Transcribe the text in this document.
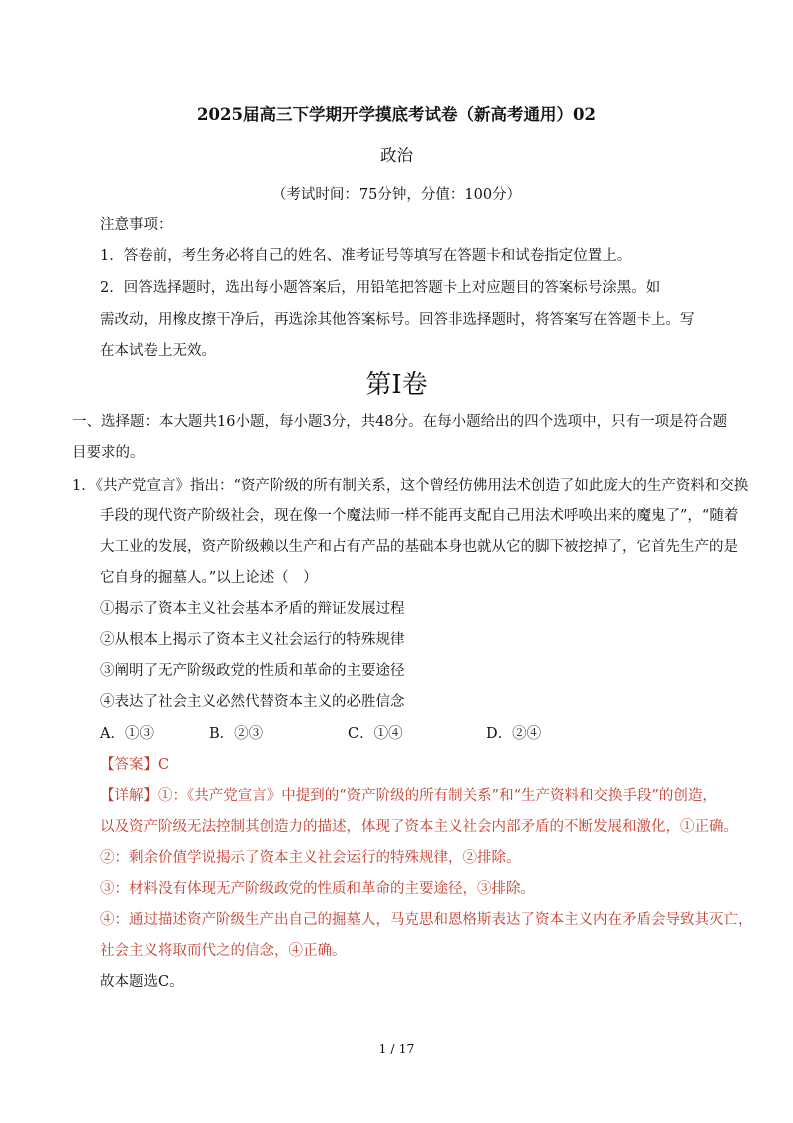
2025届高三下学期开学摸底考试卷（新高考通用）02
政治
（考试时间：75分钟，分值：100分）
注意事项：
1．答卷前，考生务必将自己的姓名、准考证号等填写在答题卡和试卷指定位置上。
2．回答选择题时，选出每小题答案后，用铅笔把答题卡上对应题目的答案标号涂黑。如
需改动，用橡皮擦干净后，再选涂其他答案标号。回答非选择题时，将答案写在答题卡上。写
在本试卷上无效。
第Ⅰ卷
一、选择题：本大题共16小题，每小题3分，共48分。在每小题给出的四个选项中，只有一项是符合题
目要求的。
1．《共产党宣言》指出：“资产阶级的所有制关系，这个曾经仿佛用法术创造了如此庞大的生产资料和交换
手段的现代资产阶级社会，现在像一个魔法师一样不能再支配自己用法术呼唤出来的魔鬼了”，“随着
大工业的发展，资产阶级赖以生产和占有产品的基础本身也就从它的脚下被挖掉了，它首先生产的是
它自身的掘墓人。”以上论述（　）
①揭示了资本主义社会基本矛盾的辩证发展过程
②从根本上揭示了资本主义社会运行的特殊规律
③阐明了无产阶级政党的性质和革命的主要途径
④表达了社会主义必然代替资本主义的必胜信念
A．①③	B．②③	C．①④	D．②④
【答案】C
【详解】①：《共产党宣言》中提到的“资产阶级的所有制关系”和“生产资料和交换手段”的创造，
以及资产阶级无法控制其创造力的描述，体现了资本主义社会内部矛盾的不断发展和激化，①正确。
②：剩余价值学说揭示了资本主义社会运行的特殊规律，②排除。
③：材料没有体现无产阶级政党的性质和革命的主要途径，③排除。
④：通过描述资产阶级生产出自己的掘墓人，马克思和恩格斯表达了资本主义内在矛盾会导致其灭亡，
社会主义将取而代之的信念，④正确。
故本题选C。
1 / 17
